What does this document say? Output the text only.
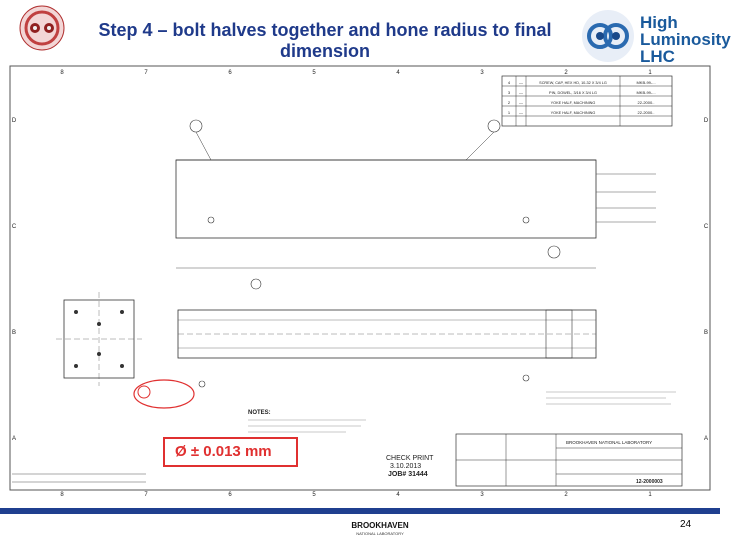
Step 4 – bolt halves together and hone radius to final dimension
High
Luminosity
LHC
8	7	6	5	4	3	2	1
8	7	6	5	4	3	2	1
D
C
B
A
D
C
B
A
4 —	SCREW, CAP, HEX HD, 10-32 X 3/4 LG	MKB-99-...
3 —	PIN, DOWEL, 3/16 X 3/4 LG	MKB-99-...
2 —	YOKE HALF, MACHINING	22-2000..
1 —	YOKE HALF, MACHINING	22-2000..
NOTES:
CHECK PRINT
3.10.2013
JOB# 31444
BROOKHAVEN NATIONAL LABORATORY
12-2000003
Ø ± 0.013 mm
BROOKHAVEN
NATIONAL LABORATORY
24
